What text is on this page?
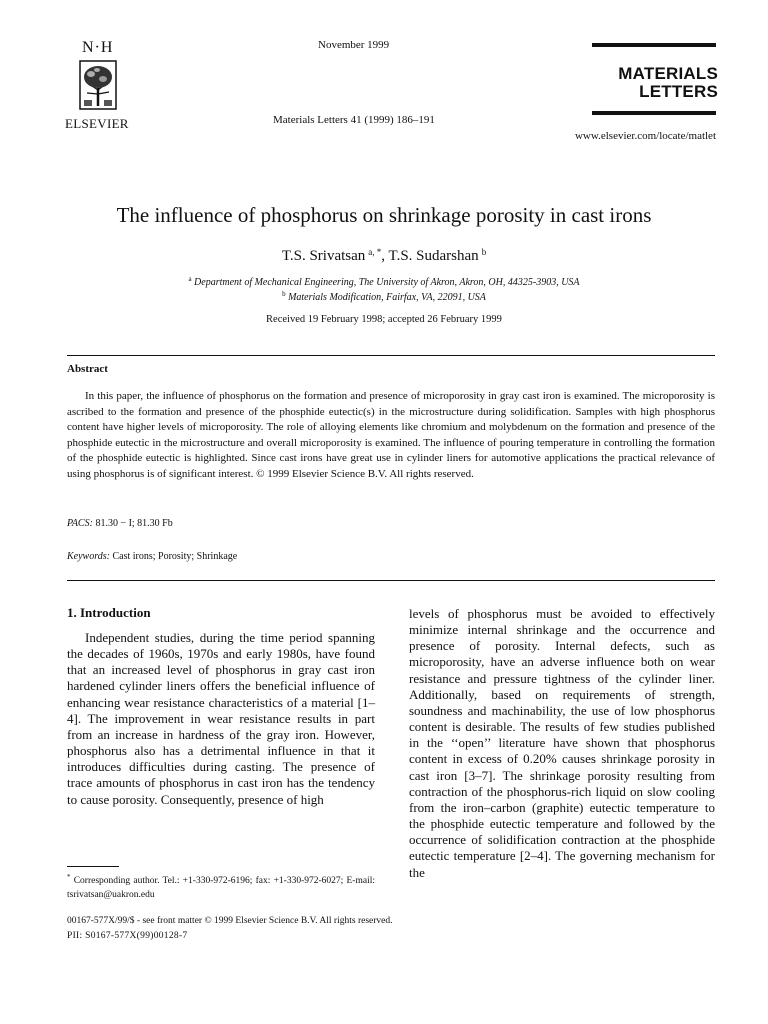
N·H
ELSEVIER
November 1999
Materials Letters 41 (1999) 186–191
MATERIALS
LETTERS
www.elsevier.com/locate/matlet
The influence of phosphorus on shrinkage porosity in cast irons
T.S. Srivatsan  $^{a, *}$, T.S. Sudarshan  $^b$
$^a$ Department of Mechanical Engineering, The University of Akron, Akron, OH, 44325-3903, USA
$^b$ Materials Modification, Fairfax, VA, 22091, USA
Received 19 February 1998; accepted 26 February 1999
Abstract
In this paper, the influence of phosphorus on the formation and presence of microporosity in gray cast iron is examined. The microporosity is ascribed to the formation and presence of the phosphide eutectic(s) in the microstructure during solidification. Samples with high phosphorus content have higher levels of microporosity. The role of alloying elements like chromium and molybdenum on the formation and presence of the phosphide eutectic in the microstructure and overall microporosity is examined. The influence of pouring temperature in controlling the formation of the phosphide eutectic is highlighted. Since cast irons have great use in cylinder liners for automotive applications the practical relevance of using phosphorus is of significant interest. © 1999 Elsevier Science B.V. All rights reserved.
PACS: 81.30 − I; 81.30 Fb
Keywords: Cast irons; Porosity; Shrinkage
1. Introduction
Independent studies, during the time period spanning the decades of 1960s, 1970s and early 1980s, have found that an increased level of phosphorus in gray cast iron hardened cylinder liners offers the beneficial influence of enhancing wear resistance characteristics of a material [1–4]. The improvement in wear resistance results in part from an increase in hardness of the gray iron. However, phosphorus also has a detrimental influence in that it introduces difficulties during casting. The presence of trace amounts of phosphorus in cast iron has the tendency to cause porosity. Consequently, presence of high
levels of phosphorus must be avoided to effectively minimize internal shrinkage and the occurrence and presence of porosity. Internal defects, such as microporosity, have an adverse influence both on wear resistance and pressure tightness of the cylinder liner. Additionally, based on requirements of strength, soundness and machinability, the use of low phosphorus content is desirable. The results of few studies published in the ‘‘open’’ literature have shown that phosphorus content in excess of 0.20% causes shrinkage porosity in cast iron [3–7]. The shrinkage porosity resulting from contraction of the phosphorus-rich liquid on slow cooling from the iron–carbon (graphite) eutectic temperature to the phosphide eutectic temperature and followed by the occurrence of solidification contraction at the phosphide eutectic temperature [2–4]. The governing mechanism for the
* Corresponding author. Tel.: +1-330-972-6196; fax: +1-330-972-6027; E-mail: tsrivatsan@uakron.edu
00167-577X/99/$ - see front matter © 1999 Elsevier Science B.V. All rights reserved.
PII: S0167-577X(99)00128-7
